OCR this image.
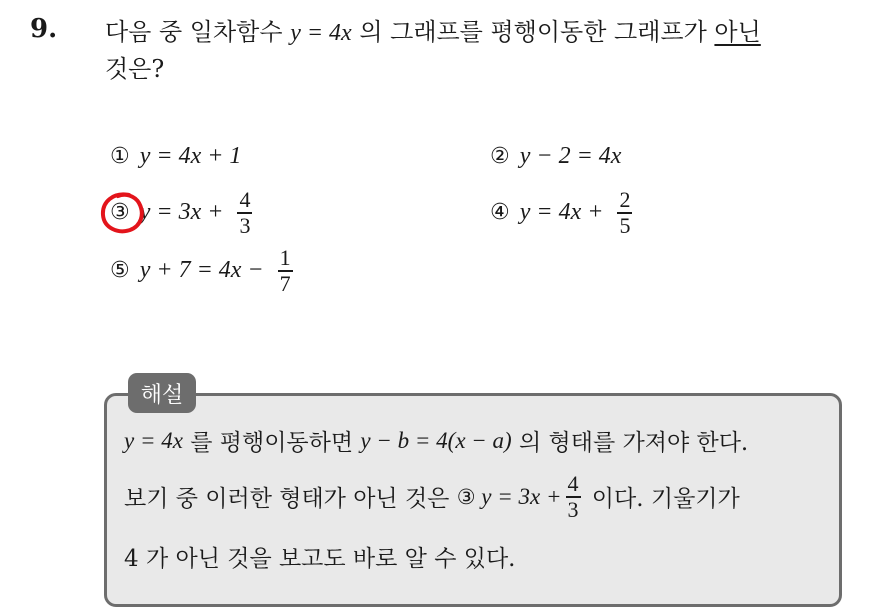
9. 다음 중 일차함수 y = 4x 의 그래프를 평행이동한 그래프가 아닌
것은?
① y = 4x + 1	② y − 2 = 4x
③ $y = 3x + \frac{4}{3}$	④ $y = 4x + \frac{2}{5}$
⑤ $y + 7 = 4x - \frac{1}{7}$
해설
y = 4x 를 평행이동하면 y − b = 4(x − a) 의 형태를 가져야 한다.
보기 중 이러한 형태가 아닌 것은 ③ $y = 3x + \frac{4}{3}$ 이다. 기울기가
4 가 아닌 것을 보고도 바로 알 수 있다.
